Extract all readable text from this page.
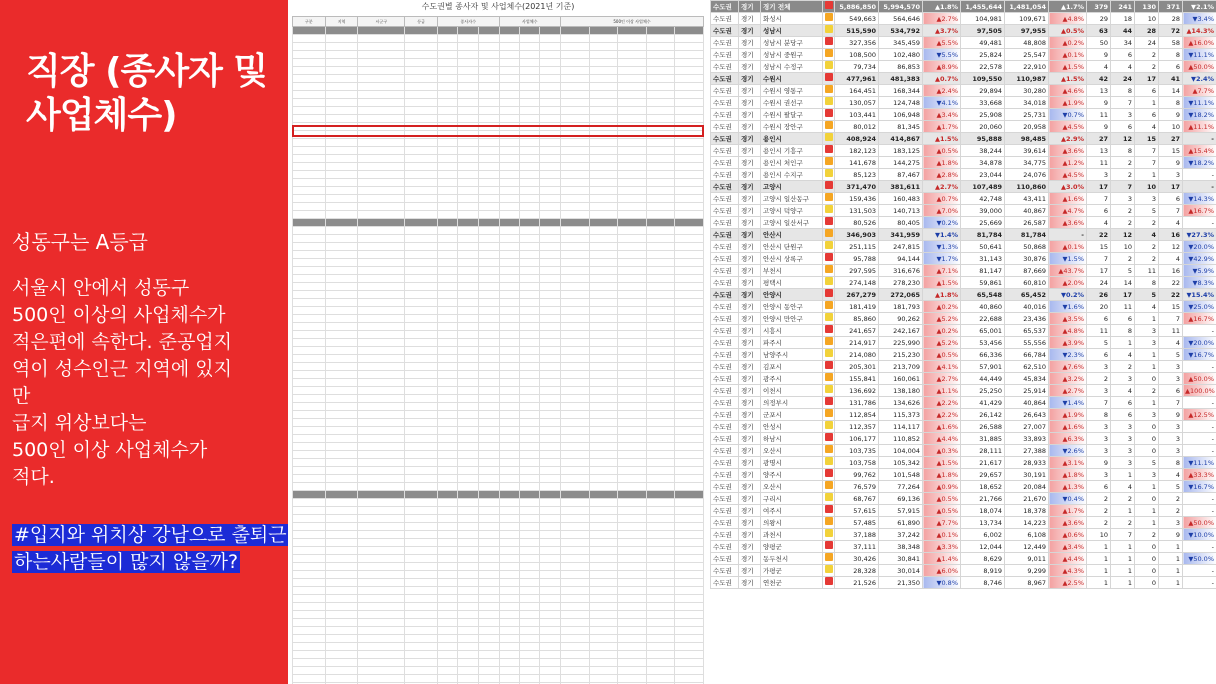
직장 (종사자 및 사업체수)
성동구는 A등급
서울시 안에서 성동구
500인 이상의 사업체수가
적은편에 속한다. 준공업지
역이 성수인근 지역에 있지
만
급지 위상보다는
500인 이상 사업체수가
적다.
#입지와 위치상 강남으로 출퇴근하는사람들이 많지 않을까?
수도권별 종사자 및 사업체수(2021년 기준)
구분	지역	시군구	등급	종사자수			사업체수			500인 이상 사업체수				

수도권	경기	경기 전체		5,886,850	5,994,570	▲1.8%	1,455,644	1,481,054	▲1.7%	379	241	130	371	▼2.1%
수도권	경기	화성시		549,663	564,646	▲2.7%	104,981	109,671	▲4.8%	29	18	10	28	▼3.4%
수도권	경기	성남시		515,590	534,792	▲3.7%	97,505	97,955	▲0.5%	63	44	28	72	▲14.3%
수도권	경기	성남시 분당구		327,356	345,459	▲5.5%	49,481	48,808	▲0.2%	50	34	24	58	▲16.0%
수도권	경기	성남시 중원구		108,500	102,480	▼5.5%	25,824	25,547	▲0.1%	9	6	2	8	▼11.1%
수도권	경기	성남시 수정구		79,734	86,853	▲8.9%	22,578	22,910	▲1.5%	4	4	2	6	▲50.0%
수도권	경기	수원시		477,961	481,383	▲0.7%	109,550	110,987	▲1.5%	42	24	17	41	▼2.4%
수도권	경기	수원시 영통구		164,451	168,344	▲2.4%	29,894	30,280	▲4.6%	13	8	6	14	▲7.7%
수도권	경기	수원시 권선구		130,057	124,748	▼4.1%	33,668	34,018	▲1.9%	9	7	1	8	▼11.1%
수도권	경기	수원시 팔달구		103,441	106,948	▲3.4%	25,908	25,731	▼0.7%	11	3	6	9	▼18.2%
수도권	경기	수원시 장안구		80,012	81,345	▲1.7%	20,060	20,958	▲4.5%	9	6	4	10	▲11.1%
수도권	경기	용인시		408,924	414,867	▲1.5%	95,888	98,485	▲2.9%	27	12	15	27	-
수도권	경기	용인시 기흥구		182,123	183,125	▲0.5%	38,244	39,614	▲3.6%	13	8	7	15	▲15.4%
수도권	경기	용인시 처인구		141,678	144,275	▲1.8%	34,878	34,775	▲1.2%	11	2	7	9	▼18.2%
수도권	경기	용인시 수지구		85,123	87,467	▲2.8%	23,044	24,076	▲4.5%	3	2	1	3	-
수도권	경기	고양시		371,470	381,611	▲2.7%	107,489	110,860	▲3.0%	17	7	10	17	-
수도권	경기	고양시 일산동구		159,436	160,483	▲0.7%	42,748	43,411	▲1.6%	7	3	3	6	▼14.3%
수도권	경기	고양시 덕양구		131,503	140,713	▲7.0%	39,000	40,867	▲4.7%	6	2	5	7	▲16.7%
수도권	경기	고양시 일산서구		80,526	80,405	▼0.2%	25,669	26,587	▲3.6%	4	2	2	4	-
수도권	경기	안산시		346,903	341,959	▼1.4%	81,784	81,784	-	22	12	4	16	▼27.3%
수도권	경기	안산시 단원구		251,115	247,815	▼1.3%	50,641	50,868	▲0.1%	15	10	2	12	▼20.0%
수도권	경기	안산시 상록구		95,788	94,144	▼1.7%	31,143	30,876	▼1.5%	7	2	2	4	▼42.9%
수도권	경기	부천시		297,595	316,676	▲7.1%	81,147	87,669	▲43.7%	17	5	11	16	▼5.9%
수도권	경기	평택시		274,148	278,230	▲1.5%	59,861	60,810	▲2.0%	24	14	8	22	▼8.3%
수도권	경기	안양시		267,279	272,065	▲1.8%	65,548	65,452	▼0.2%	26	17	5	22	▼15.4%
수도권	경기	안양시 동안구		181,419	181,793	▲0.2%	40,860	40,016	▼1.6%	20	11	4	15	▼25.0%
수도권	경기	안양시 만안구		85,860	90,262	▲5.2%	22,688	23,436	▲3.5%	6	6	1	7	▲16.7%
수도권	경기	시흥시		241,657	242,167	▲0.2%	65,001	65,537	▲4.8%	11	8	3	11	-
수도권	경기	파주시		214,917	225,990	▲5.2%	53,456	55,556	▲3.9%	5	1	3	4	▼20.0%
수도권	경기	남양주시		214,080	215,230	▲0.5%	66,336	66,784	▼2.3%	6	4	1	5	▼16.7%
수도권	경기	김포시		205,301	213,709	▲4.1%	57,901	62,510	▲7.6%	3	2	1	3	-
수도권	경기	광주시		155,841	160,061	▲2.7%	44,449	45,834	▲3.2%	2	3	0	3	▲50.0%
수도권	경기	이천시		136,692	138,180	▲1.1%	25,250	25,914	▲2.7%	3	4	2	6	▲100.0%
수도권	경기	의정부시		131,786	134,626	▲2.2%	41,429	40,864	▼1.4%	7	6	1	7	-
수도권	경기	군포시		112,854	115,373	▲2.2%	26,142	26,643	▲1.9%	8	6	3	9	▲12.5%
수도권	경기	안성시		112,357	114,117	▲1.6%	26,588	27,007	▲1.6%	3	3	0	3	-
수도권	경기	하남시		106,177	110,852	▲4.4%	31,885	33,893	▲6.3%	3	3	0	3	-
수도권	경기	오산시		103,735	104,004	▲0.3%	28,111	27,388	▼2.6%	3	3	0	3	-
수도권	경기	광명시		103,758	105,342	▲1.5%	21,617	28,933	▲3.1%	9	3	5	8	▼11.1%
수도권	경기	양주시		99,762	101,548	▲1.8%	29,657	30,191	▲1.8%	3	1	3	4	▲33.3%
수도권	경기	오산시		76,579	77,264	▲0.9%	18,652	20,084	▲1.3%	6	4	1	5	▼16.7%
수도권	경기	구리시		68,767	69,136	▲0.5%	21,766	21,670	▼0.4%	2	2	0	2	-
수도권	경기	여주시		57,615	57,915	▲0.5%	18,074	18,378	▲1.7%	2	1	1	2	-
수도권	경기	의왕시		57,485	61,890	▲7.7%	13,734	14,223	▲3.6%	2	2	1	3	▲50.0%
수도권	경기	과천시		37,188	37,242	▲0.1%	6,002	6,108	▲0.6%	10	7	2	9	▼10.0%
수도권	경기	양평군		37,111	38,348	▲3.3%	12,044	12,449	▲3.4%	1	1	0	1	-
수도권	경기	동두천시		30,426	30,841	▲1.4%	8,629	9,011	▲4.4%	1	1	0	1	▼50.0%
수도권	경기	가평군		28,328	30,014	▲6.0%	8,919	9,299	▲4.3%	1	1	0	1	-
수도권	경기	연천군		21,526	21,350	▼0.8%	8,746	8,967	▲2.5%	1	1	0	1	-
